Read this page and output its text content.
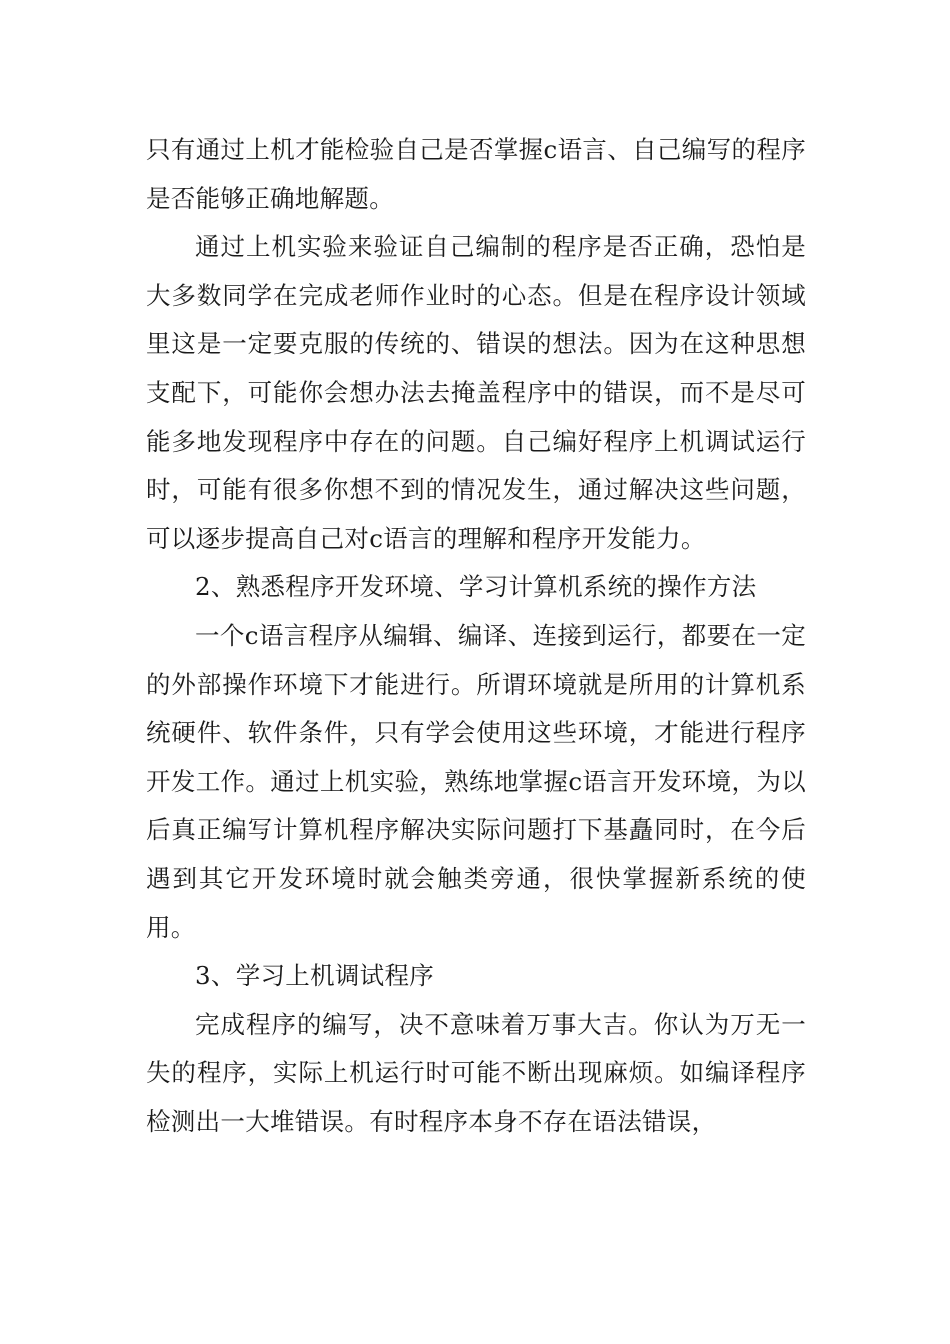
只有通过上机才能检验自己是否掌握c语言、自己编写的程序是否能够正确地解题。

通过上机实验来验证自己编制的程序是否正确，恐怕是大多数同学在完成老师作业时的心态。但是在程序设计领域里这是一定要克服的传统的、错误的想法。因为在这种思想支配下，可能你会想办法去掩盖程序中的错误，而不是尽可能多地发现程序中存在的问题。自己编好程序上机调试运行时，可能有很多你想不到的情况发生，通过解决这些问题，可以逐步提高自己对c语言的理解和程序开发能力。

2、熟悉程序开发环境、学习计算机系统的操作方法

一个c语言程序从编辑、编译、连接到运行，都要在一定的外部操作环境下才能进行。所谓环境就是所用的计算机系统硬件、软件条件，只有学会使用这些环境，才能进行程序开发工作。通过上机实验，熟练地掌握c语言开发环境，为以后真正编写计算机程序解决实际问题打下基矗同时，在今后遇到其它开发环境时就会触类旁通，很快掌握新系统的使用。

3、学习上机调试程序

完成程序的编写，决不意味着万事大吉。你认为万无一失的程序，实际上机运行时可能不断出现麻烦。如编译程序检测出一大堆错误。有时程序本身不存在语法错误，
